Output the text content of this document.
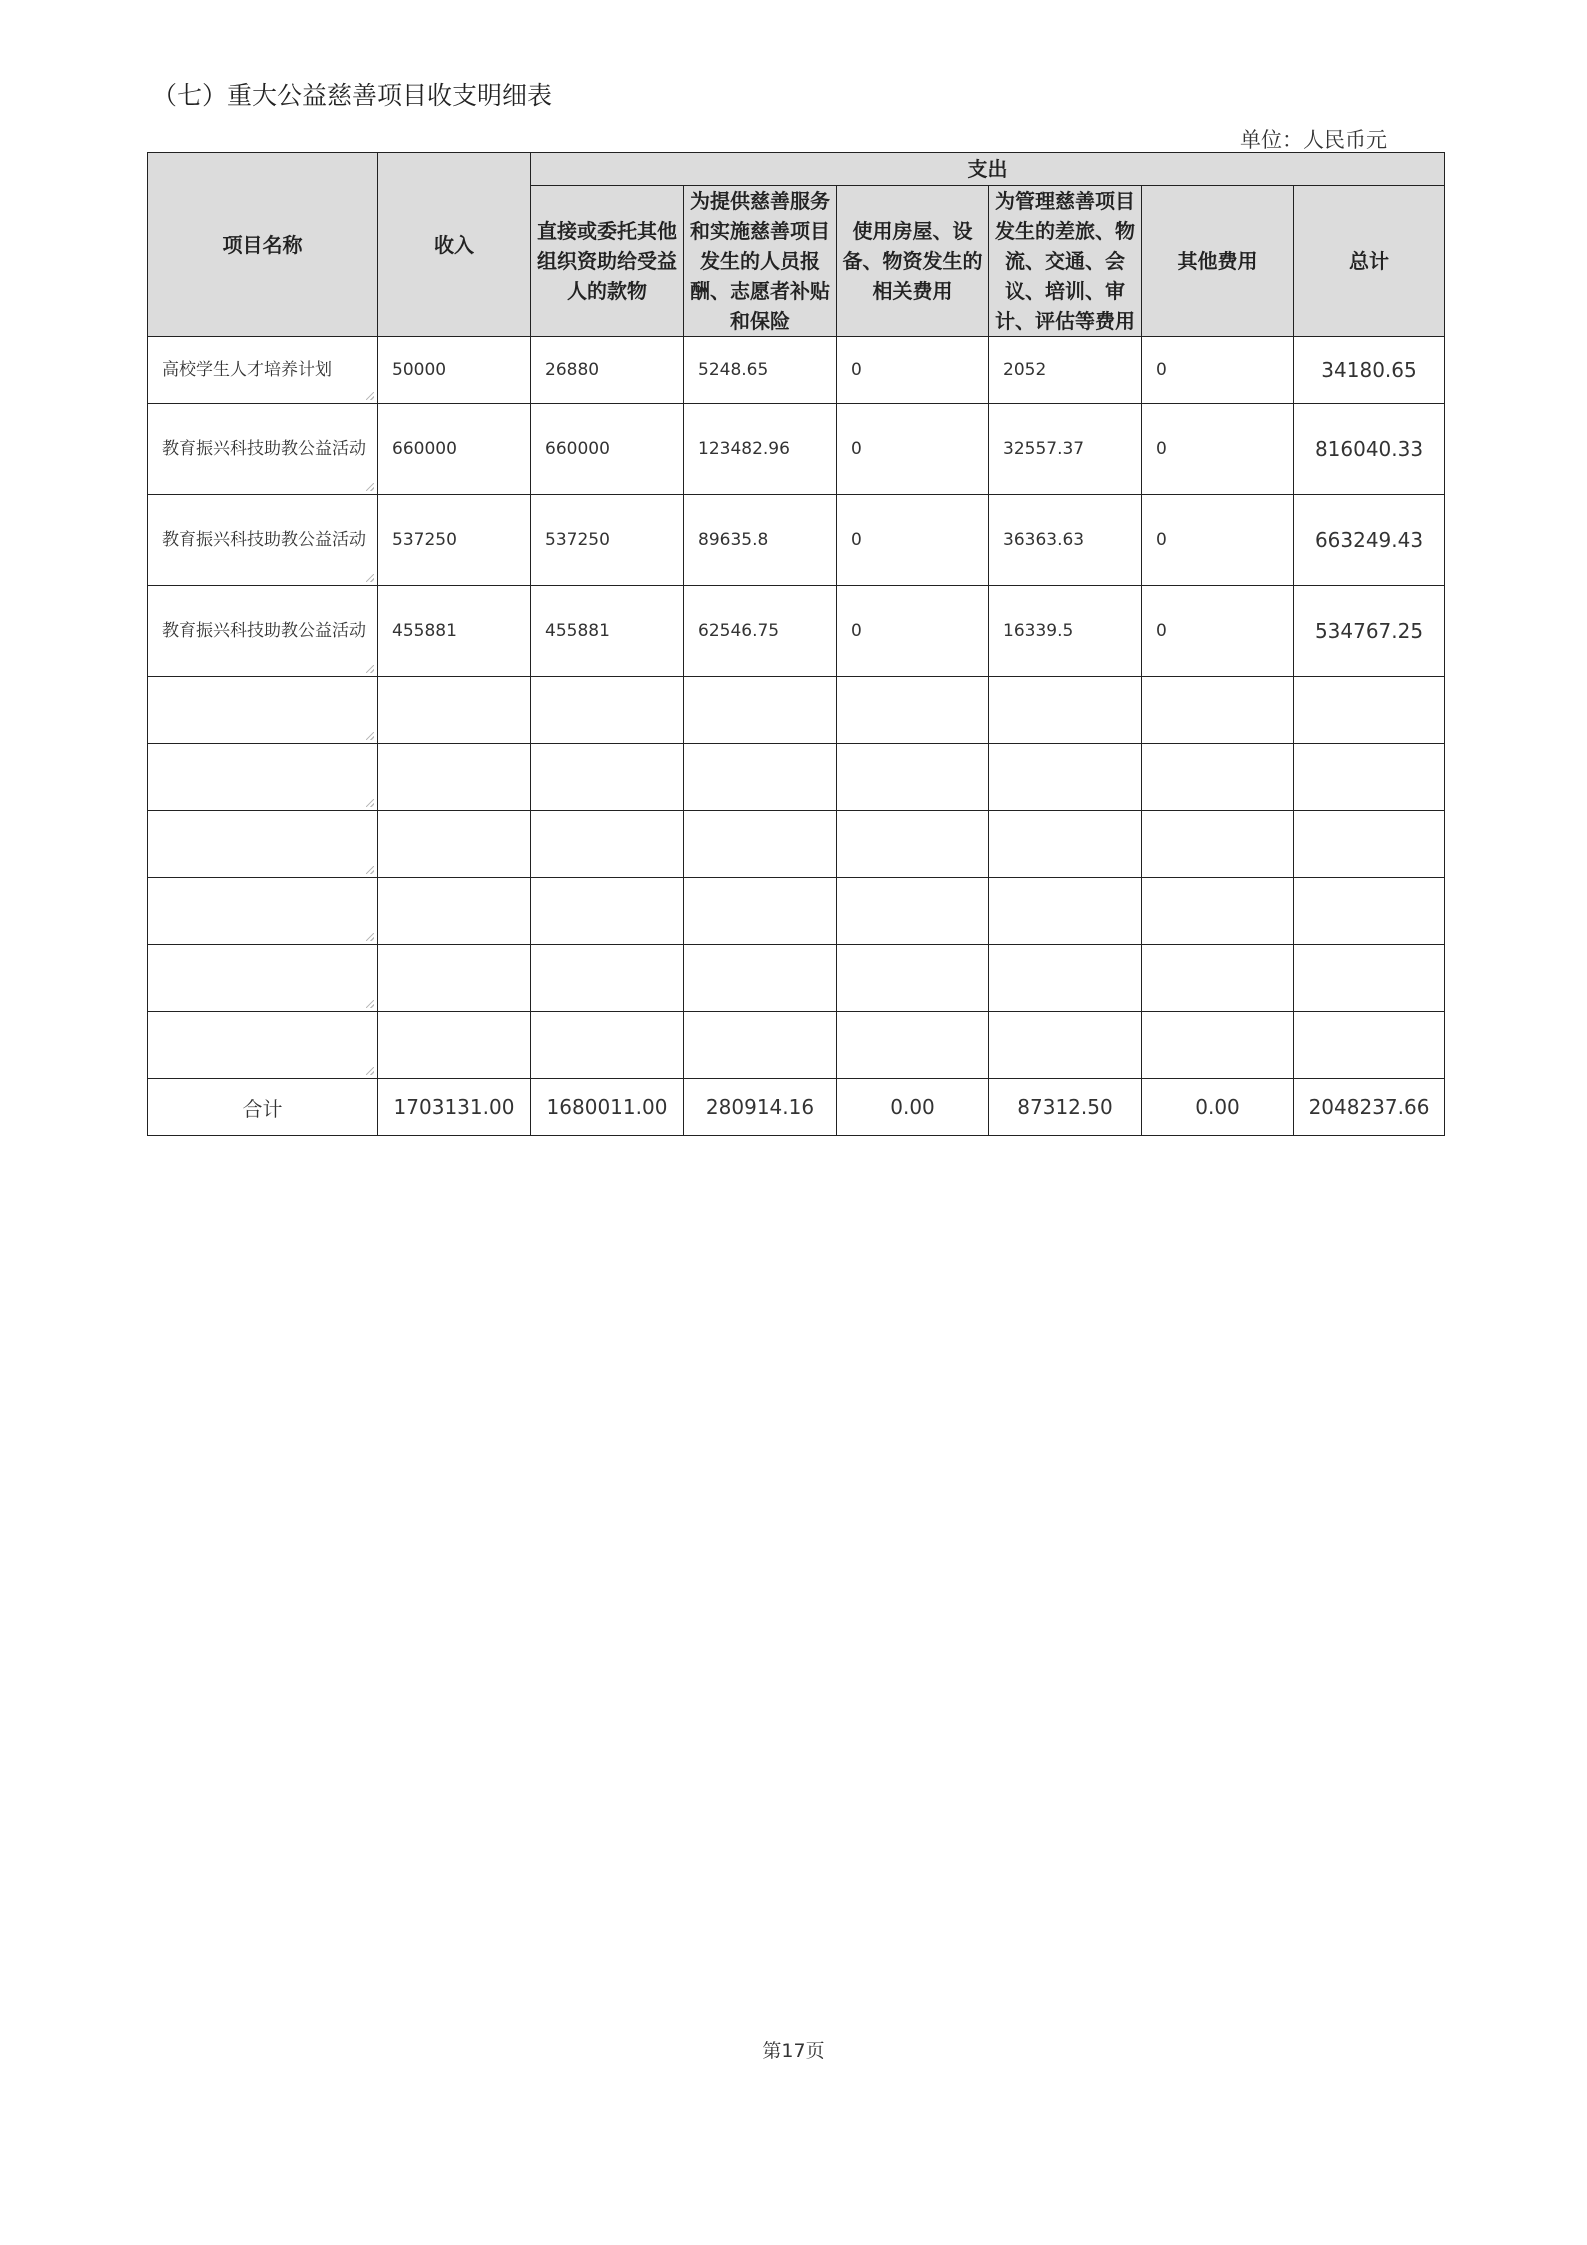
（七）重大公益慈善项目收支明细表
单位：人民币元
项目名称	收入	支出					
		直接或委托其他组织资助给受益人的款物	为提供慈善服务和实施慈善项目发生的人员报酬、志愿者补贴和保险	使用房屋、设备、物资发生的相关费用	为管理慈善项目发生的差旅、物流、交通、会议、培训、审计、评估等费用	其他费用	总计
高校学生人才培养计划	50000	26880	5248.65	0	2052	0	34180.65
教育振兴科技助教公益活动	660000	660000	123482.96	0	32557.37	0	816040.33
教育振兴科技助教公益活动	537250	537250	89635.8	0	36363.63	0	663249.43
教育振兴科技助教公益活动	455881	455881	62546.75	0	16339.5	0	534767.25

合计	1703131.00	1680011.00	280914.16	0.00	87312.50	0.00	2048237.66
第17页
